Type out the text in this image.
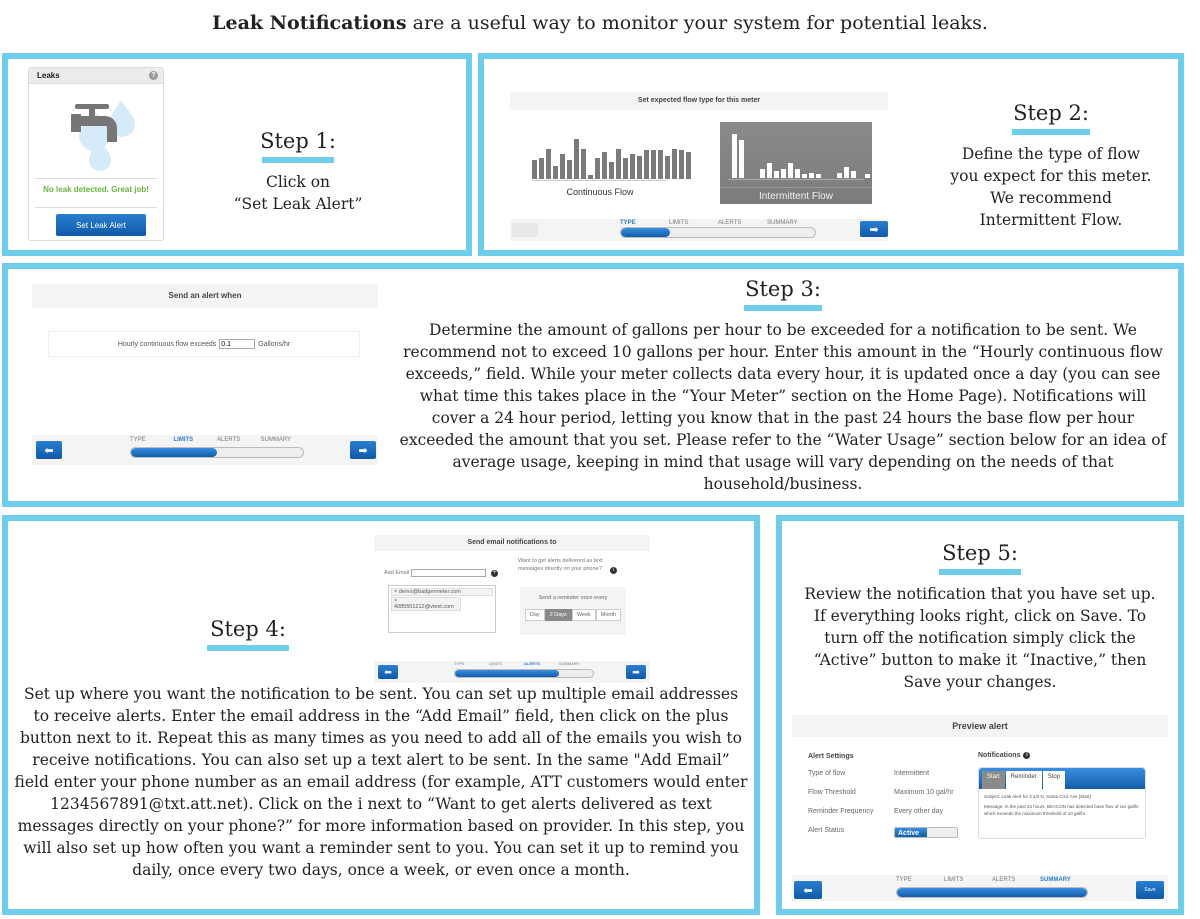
Leak Notifications are a useful way to monitor your system for potential leaks.
Leaks	?
No leak detected. Great job!
Set Leak Alert
Step 1:
Click on
“Set Leak Alert”
Set expected flow type for this meter
Continuous Flow	Intermittent Flow
TYPE	LIMITS	ALERTS	SUMMARY
➡
Step 2:
Define the type of flow you expect for this meter. We recommend Intermittent Flow.
Send an alert when
Hourly continuous flow exceeds
0.1	Gallons/hr
⬅
TYPE	LIMITS	ALERTS	SUMMARY
➡
Step 3:
Determine the amount of gallons per hour to be exceeded for a notification to be sent. We recommend not to exceed 10 gallons per hour. Enter this amount in the “Hourly continuous flow exceeds,” field. While your meter collects data every hour, it is updated once a day (you can see what time this takes place in the “Your Meter” section on the Home Page). Notifications will cover a 24 hour period, letting you know that in the past 24 hours the base flow per hour exceeded the amount that you set. Please refer to the “Water Usage” section below for an idea of average usage, keeping in mind that usage will vary depending on the needs of that household/business.
Send email notifications to
Add Email	+
× demo@badgermeter.com
× 4085551212@vtext.com
Want to get alerts delivered as text messages directly on your phone?	i
Send a reminder once every
Day	2 Days	Week	Month
⬅
TYPE	LIMITS	ALERTS	SUMMARY
➡
Step 4:
Set up where you want the notification to be sent. You can set up multiple email addresses to receive alerts. Enter the email address in the “Add Email” field, then click on the plus button next to it. Repeat this as many times as you need to add all of the emails you wish to receive notifications. You can also set up a text alert to be sent. In the same "Add Email” field enter your phone number as an email address (for example, ATT customers would enter 1234567891@txt.att.net). Click on the i next to “Want to get alerts delivered as text messages directly on your phone?” for more information based on provider. In this step, you will also set up how often you want a reminder sent to you. You can set it up to remind you daily, once every two days, once a week, or even once a month.
Step 5:
Review the notification that you have set up. If everything looks right, click on Save. To turn off the notification simply click the “Active” button to make it “Inactive,” then Save your changes.
Preview alert
Alert Settings
Type of flow	Intermittent
Flow Threshold	Maximum 10 gal/hr
Reminder Frequency	Every other day
Alert Status	Active
Notifications	i
Start	Reminder	Stop
Subject: Leak Alert for 3 1/2 N. Santa Cruz Ave [Start]
Message: In the past 24 hours, BEACON has detected base flow of xxx gal/hr which exceeds the maximum threshold of 10 gal/hr.
⬅
TYPE	LIMITS	ALERTS	SUMMARY
Save
